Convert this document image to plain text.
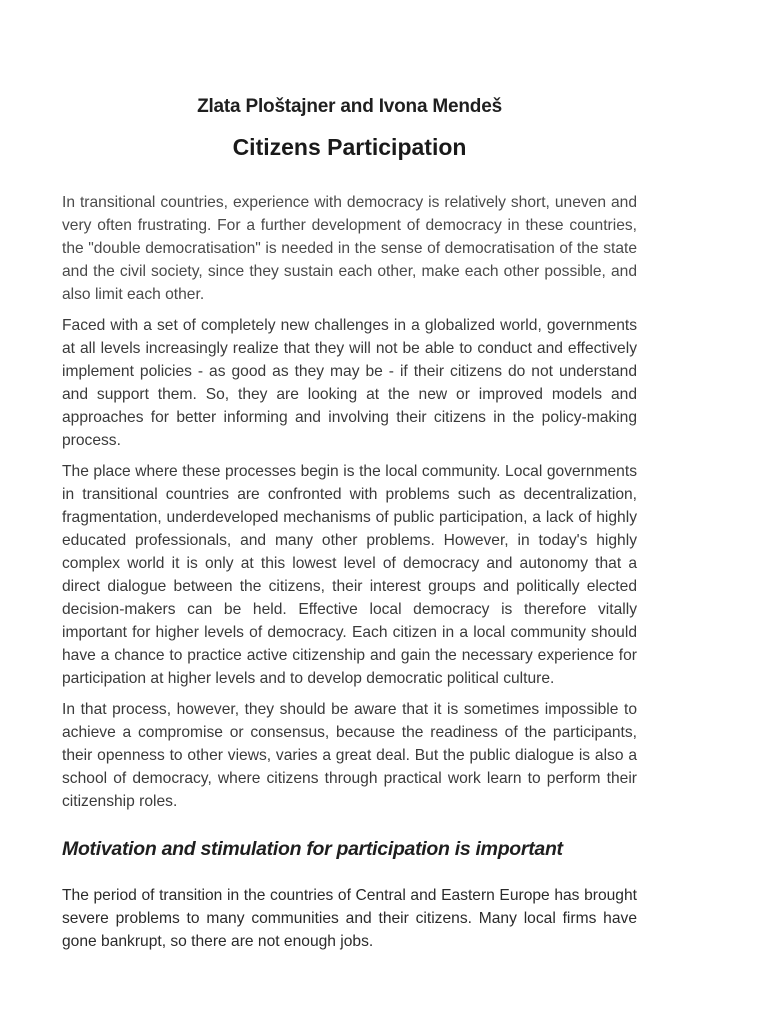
Zlata Ploštajner and Ivona Mendeš
Citizens Participation

In transitional countries, experience with democracy is relatively short, uneven and very often frustrating. For a further development of democracy in these countries, the "double democratisation" is needed in the sense of democratisation of the state and the civil society, since they sustain each other, make each other possible, and also limit each other.

Faced with a set of completely new challenges in a globalized world, governments at all levels increasingly realize that they will not be able to conduct and effectively implement policies - as good as they may be - if their citizens do not understand and support them. So, they are looking at the new or improved models and approaches for better informing and involving their citizens in the policy-making process.

The place where these processes begin is the local community. Local governments in transitional countries are confronted with problems such as decentralization, fragmentation, underdeveloped mechanisms of public participation, a lack of highly educated professionals, and many other problems. However, in today's highly complex world it is only at this lowest level of democracy and autonomy that a direct dialogue between the citizens, their interest groups and politically elected decision-makers can be held. Effective local democracy is therefore vitally important for higher levels of democracy. Each citizen in a local community should have a chance to practice active citizenship and gain the necessary experience for participation at higher levels and to develop democratic political culture.

In that process, however, they should be aware that it is sometimes impossible to achieve a compromise or consensus, because the readiness of the participants, their openness to other views, varies a great deal. But the public dialogue is also a school of democracy, where citizens through practical work learn to perform their citizenship roles.

Motivation and stimulation for participation is important

The period of transition in the countries of Central and Eastern Europe has brought severe problems to many communities and their citizens. Many local firms have gone bankrupt, so there are not enough jobs.
